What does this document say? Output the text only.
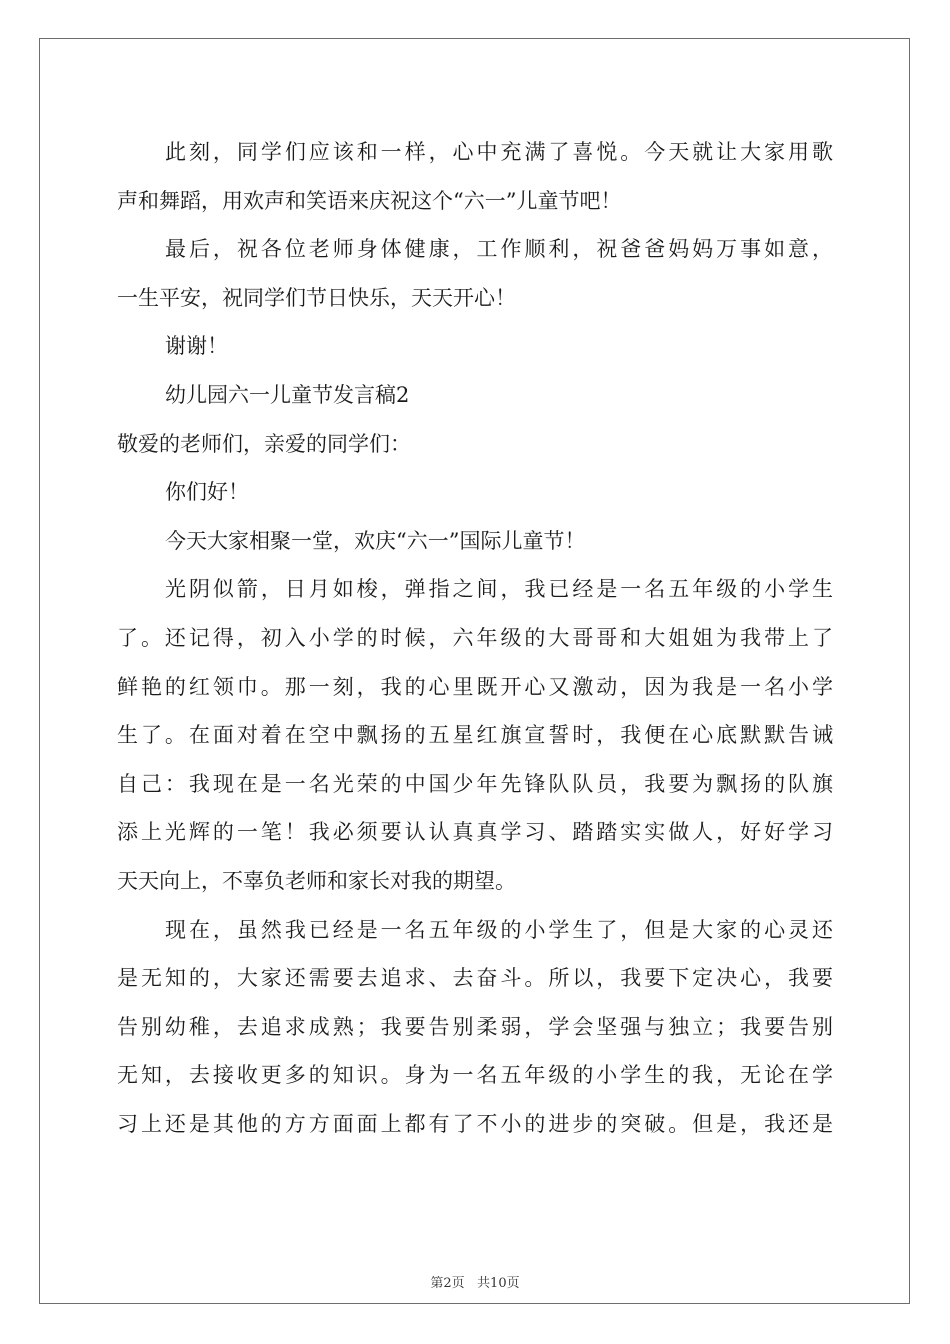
此刻，同学们应该和一样，心中充满了喜悦。今天就让大家用歌
声和舞蹈，用欢声和笑语来庆祝这个“六一”儿童节吧！
最后，祝各位老师身体健康，工作顺利，祝爸爸妈妈万事如意，
一生平安，祝同学们节日快乐，天天开心！
谢谢！
幼儿园六一儿童节发言稿2
敬爱的老师们，亲爱的同学们：
你们好！
今天大家相聚一堂，欢庆“六一”国际儿童节！
光阴似箭，日月如梭，弹指之间，我已经是一名五年级的小学生
了。还记得，初入小学的时候，六年级的大哥哥和大姐姐为我带上了
鲜艳的红领巾。那一刻，我的心里既开心又激动，因为我是一名小学
生了。在面对着在空中飘扬的五星红旗宣誓时，我便在心底默默告诫
自己：我现在是一名光荣的中国少年先锋队队员，我要为飘扬的队旗
添上光辉的一笔！我必须要认认真真学习、踏踏实实做人，好好学习
天天向上，不辜负老师和家长对我的期望。
现在，虽然我已经是一名五年级的小学生了，但是大家的心灵还
是无知的，大家还需要去追求、去奋斗。所以，我要下定决心，我要
告别幼稚，去追求成熟；我要告别柔弱，学会坚强与独立；我要告别
无知，去接收更多的知识。身为一名五年级的小学生的我，无论在学
习上还是其他的方方面面上都有了不小的进步的突破。但是，我还是
第2页   共10页
